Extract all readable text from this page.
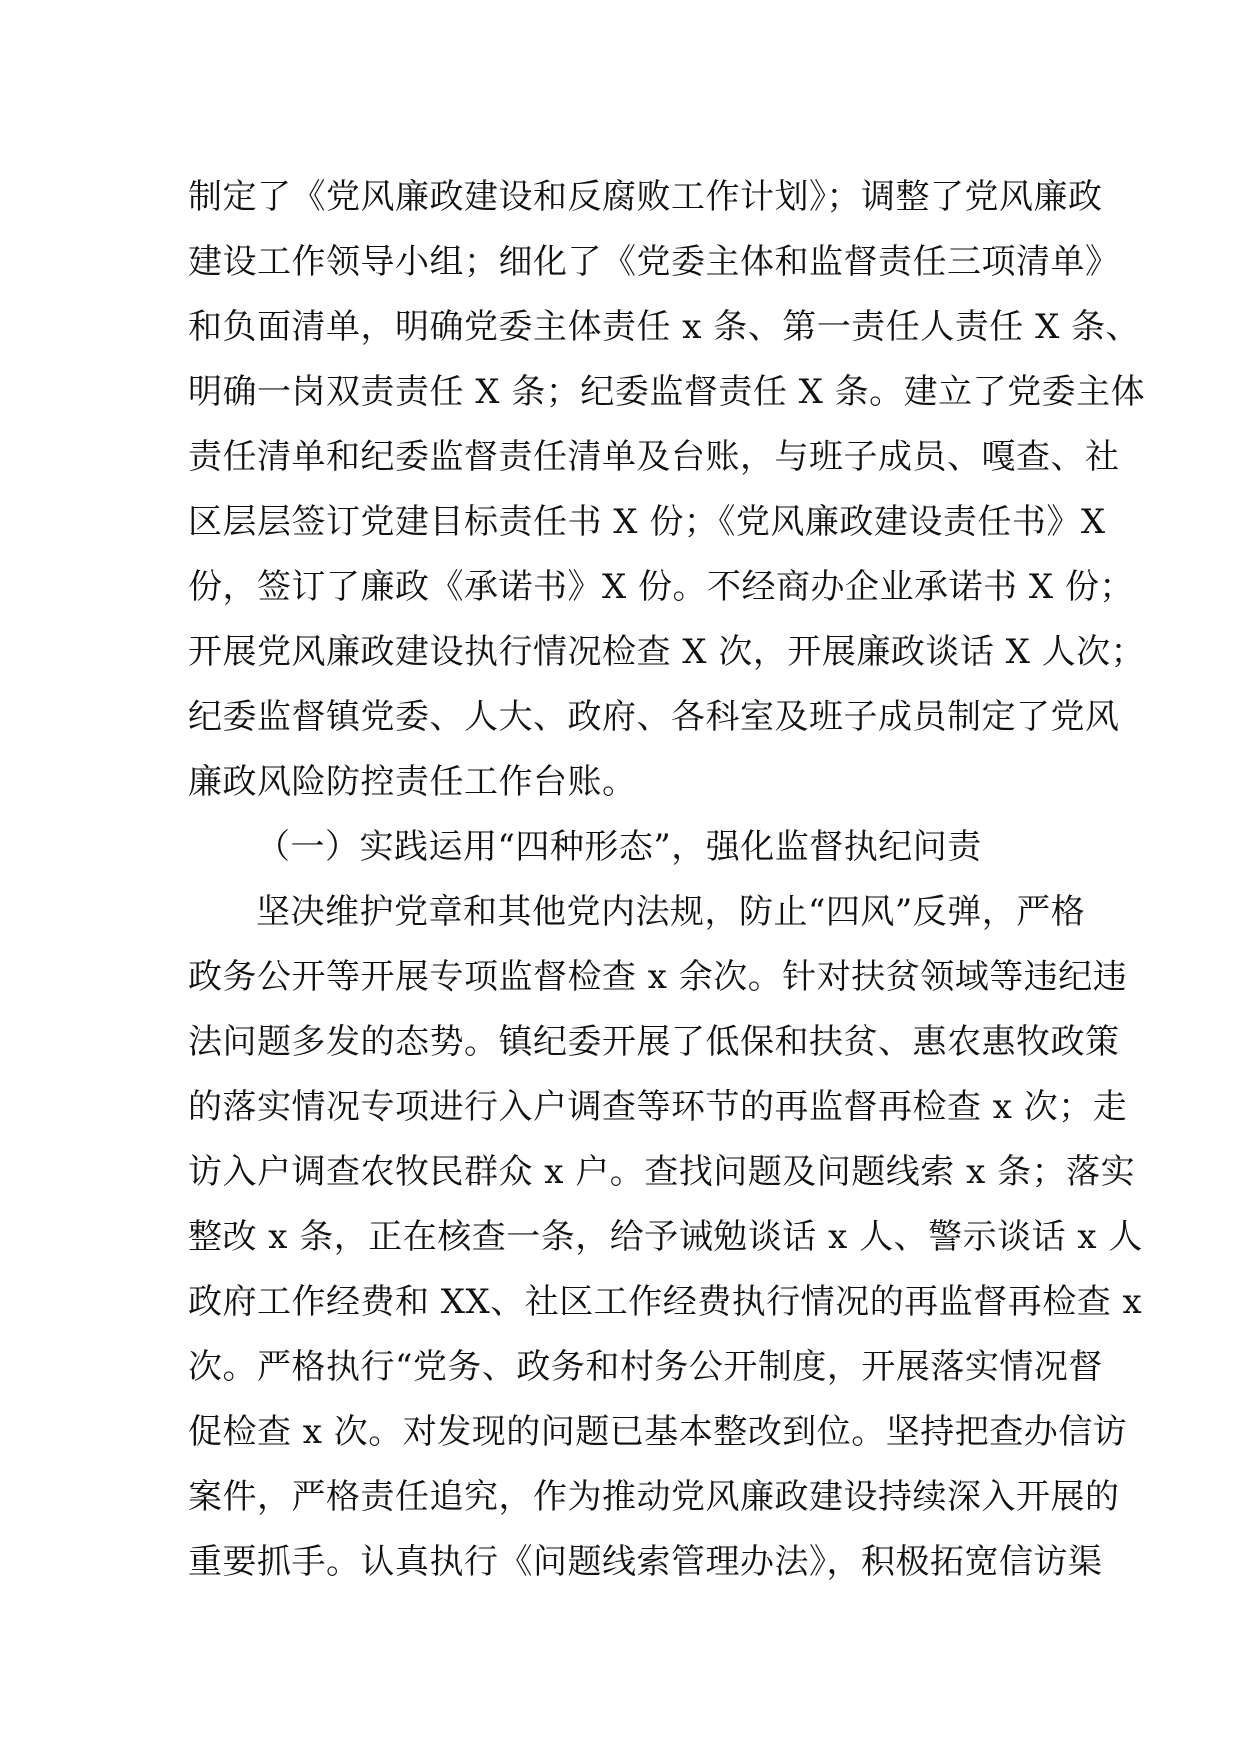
制定了《党风廉政建设和反腐败工作计划》；调整了党风廉政
建设工作领导小组；细化了《党委主体和监督责任三项清单》
和负面清单，明确党委主体责任 x 条、第一责任人责任 X 条、
明确一岗双责责任 X 条；纪委监督责任 X 条。建立了党委主体
责任清单和纪委监督责任清单及台账，与班子成员、嘎查、社
区层层签订党建目标责任书 X 份；《党风廉政建设责任书》X
份，签订了廉政《承诺书》X 份。不经商办企业承诺书 X 份；
开展党风廉政建设执行情况检查 X 次，开展廉政谈话 X 人次；
纪委监督镇党委、人大、政府、各科室及班子成员制定了党风
廉政风险防控责任工作台账。
（一）实践运用“四种形态”，强化监督执纪问责
坚决维护党章和其他党内法规，防止“四风”反弹，严格
政务公开等开展专项监督检查 x 余次。针对扶贫领域等违纪违
法问题多发的态势。镇纪委开展了低保和扶贫、惠农惠牧政策
的落实情况专项进行入户调查等环节的再监督再检查 x 次；走
访入户调查农牧民群众 x 户。查找问题及问题线索 x 条；落实
整改 x 条，正在核查一条，给予诫勉谈话 x 人、警示谈话 x 人
政府工作经费和 XX、社区工作经费执行情况的再监督再检查 x
次。严格执行“党务、政务和村务公开制度，开展落实情况督
促检查 x 次。对发现的问题已基本整改到位。坚持把查办信访
案件，严格责任追究，作为推动党风廉政建设持续深入开展的
重要抓手。认真执行《问题线索管理办法》，积极拓宽信访渠
